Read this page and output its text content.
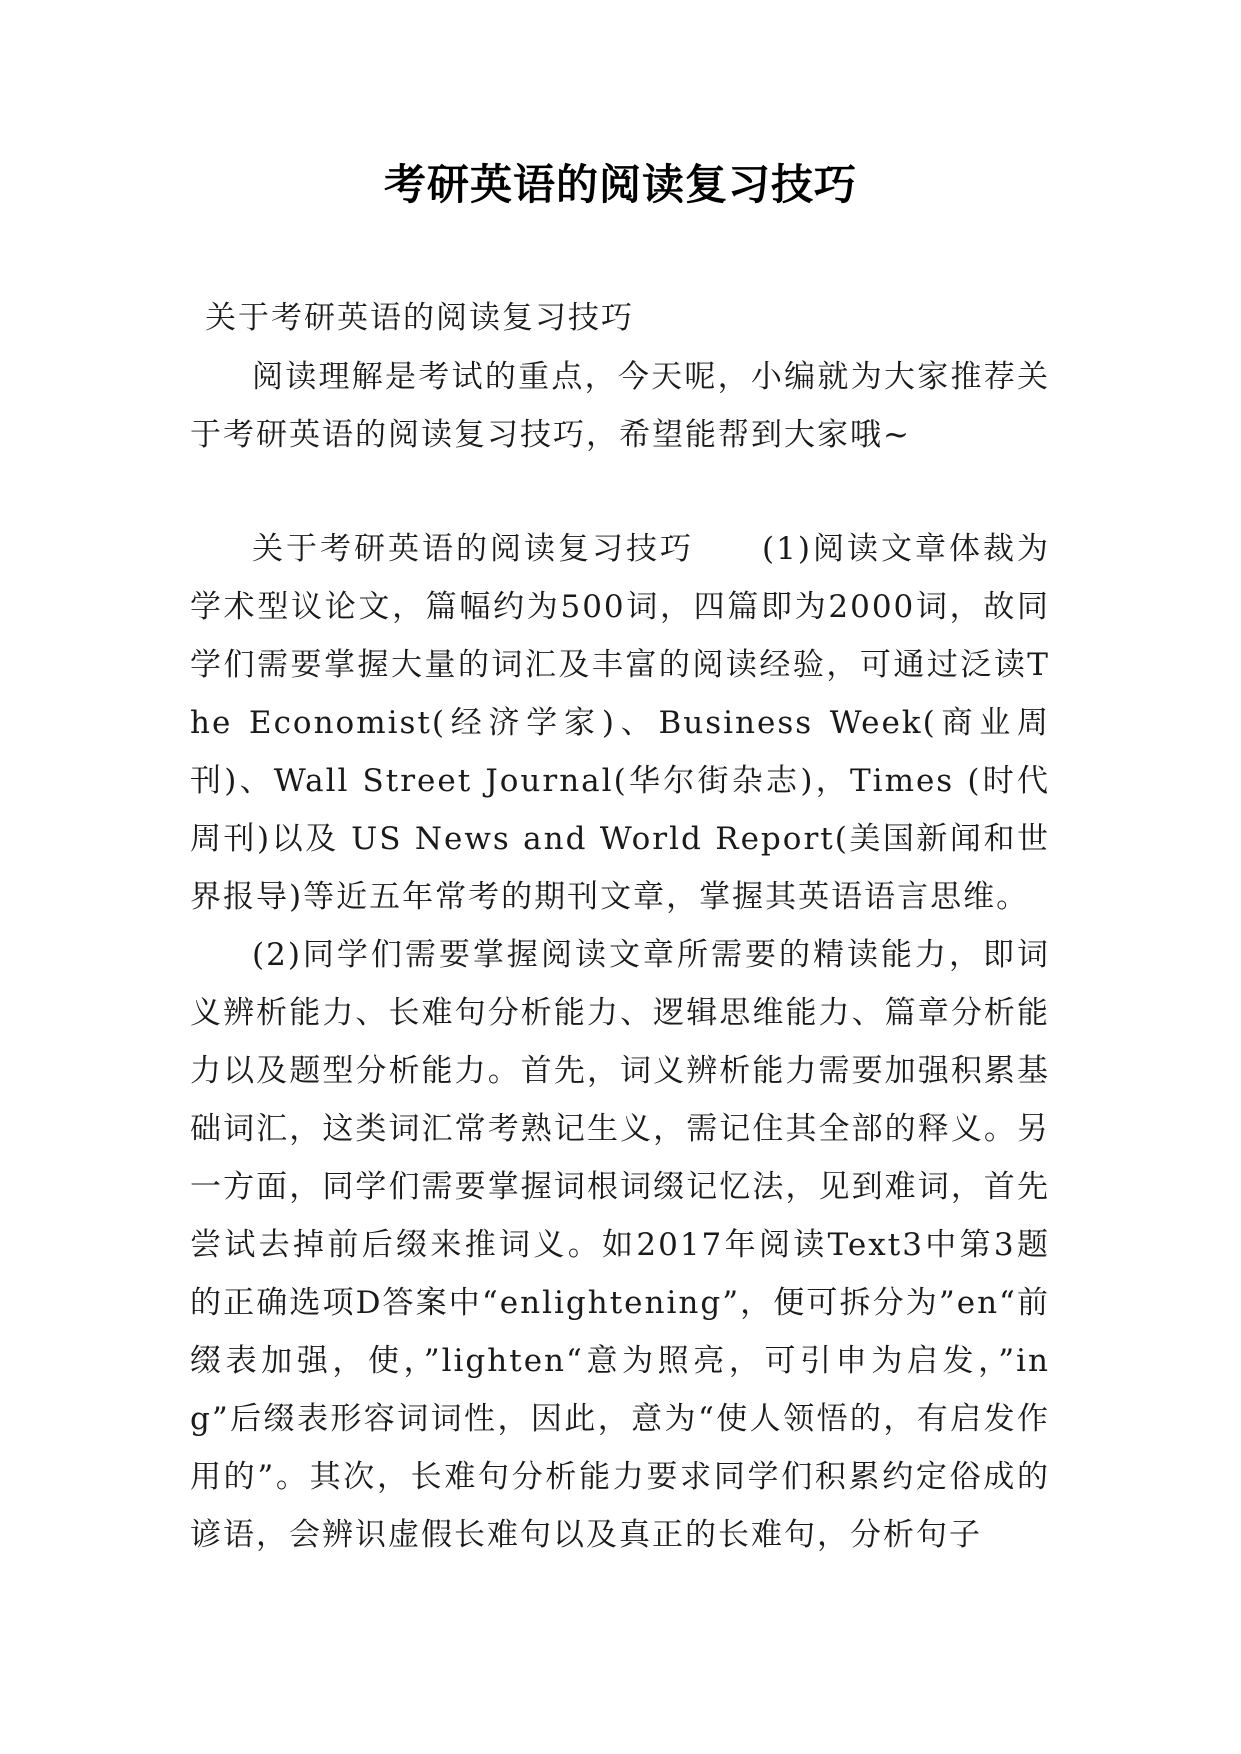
考研英语的阅读复习技巧

关于考研英语的阅读复习技巧

阅读理解是考试的重点，今天呢，小编就为大家推荐关于考研英语的阅读复习技巧，希望能帮到大家哦~

关于考研英语的阅读复习技巧　　(1)阅读文章体裁为学术型议论文，篇幅约为500词，四篇即为2000词，故同学们需要掌握大量的词汇及丰富的阅读经验，可通过泛读The Economist(经济学家)、Business Week(商业周刊)、Wall Street Journal(华尔街杂志)，Times (时代周刊)以及 US News and World Report(美国新闻和世界报导)等近五年常考的期刊文章，掌握其英语语言思维。

(2)同学们需要掌握阅读文章所需要的精读能力，即词义辨析能力、长难句分析能力、逻辑思维能力、篇章分析能力以及题型分析能力。首先，词义辨析能力需要加强积累基础词汇，这类词汇常考熟记生义，需记住其全部的释义。另一方面，同学们需要掌握词根词缀记忆法，见到难词，首先尝试去掉前后缀来推词义。如2017年阅读Text3中第3题的正确选项D答案中“enlightening”，便可拆分为”en“前缀表加强，使，”lighten“意为照亮，可引申为启发，”ing”后缀表形容词词性，因此，意为“使人领悟的，有启发作用的”。其次，长难句分析能力要求同学们积累约定俗成的谚语，会辨识虚假长难句以及真正的长难句，分析句子
